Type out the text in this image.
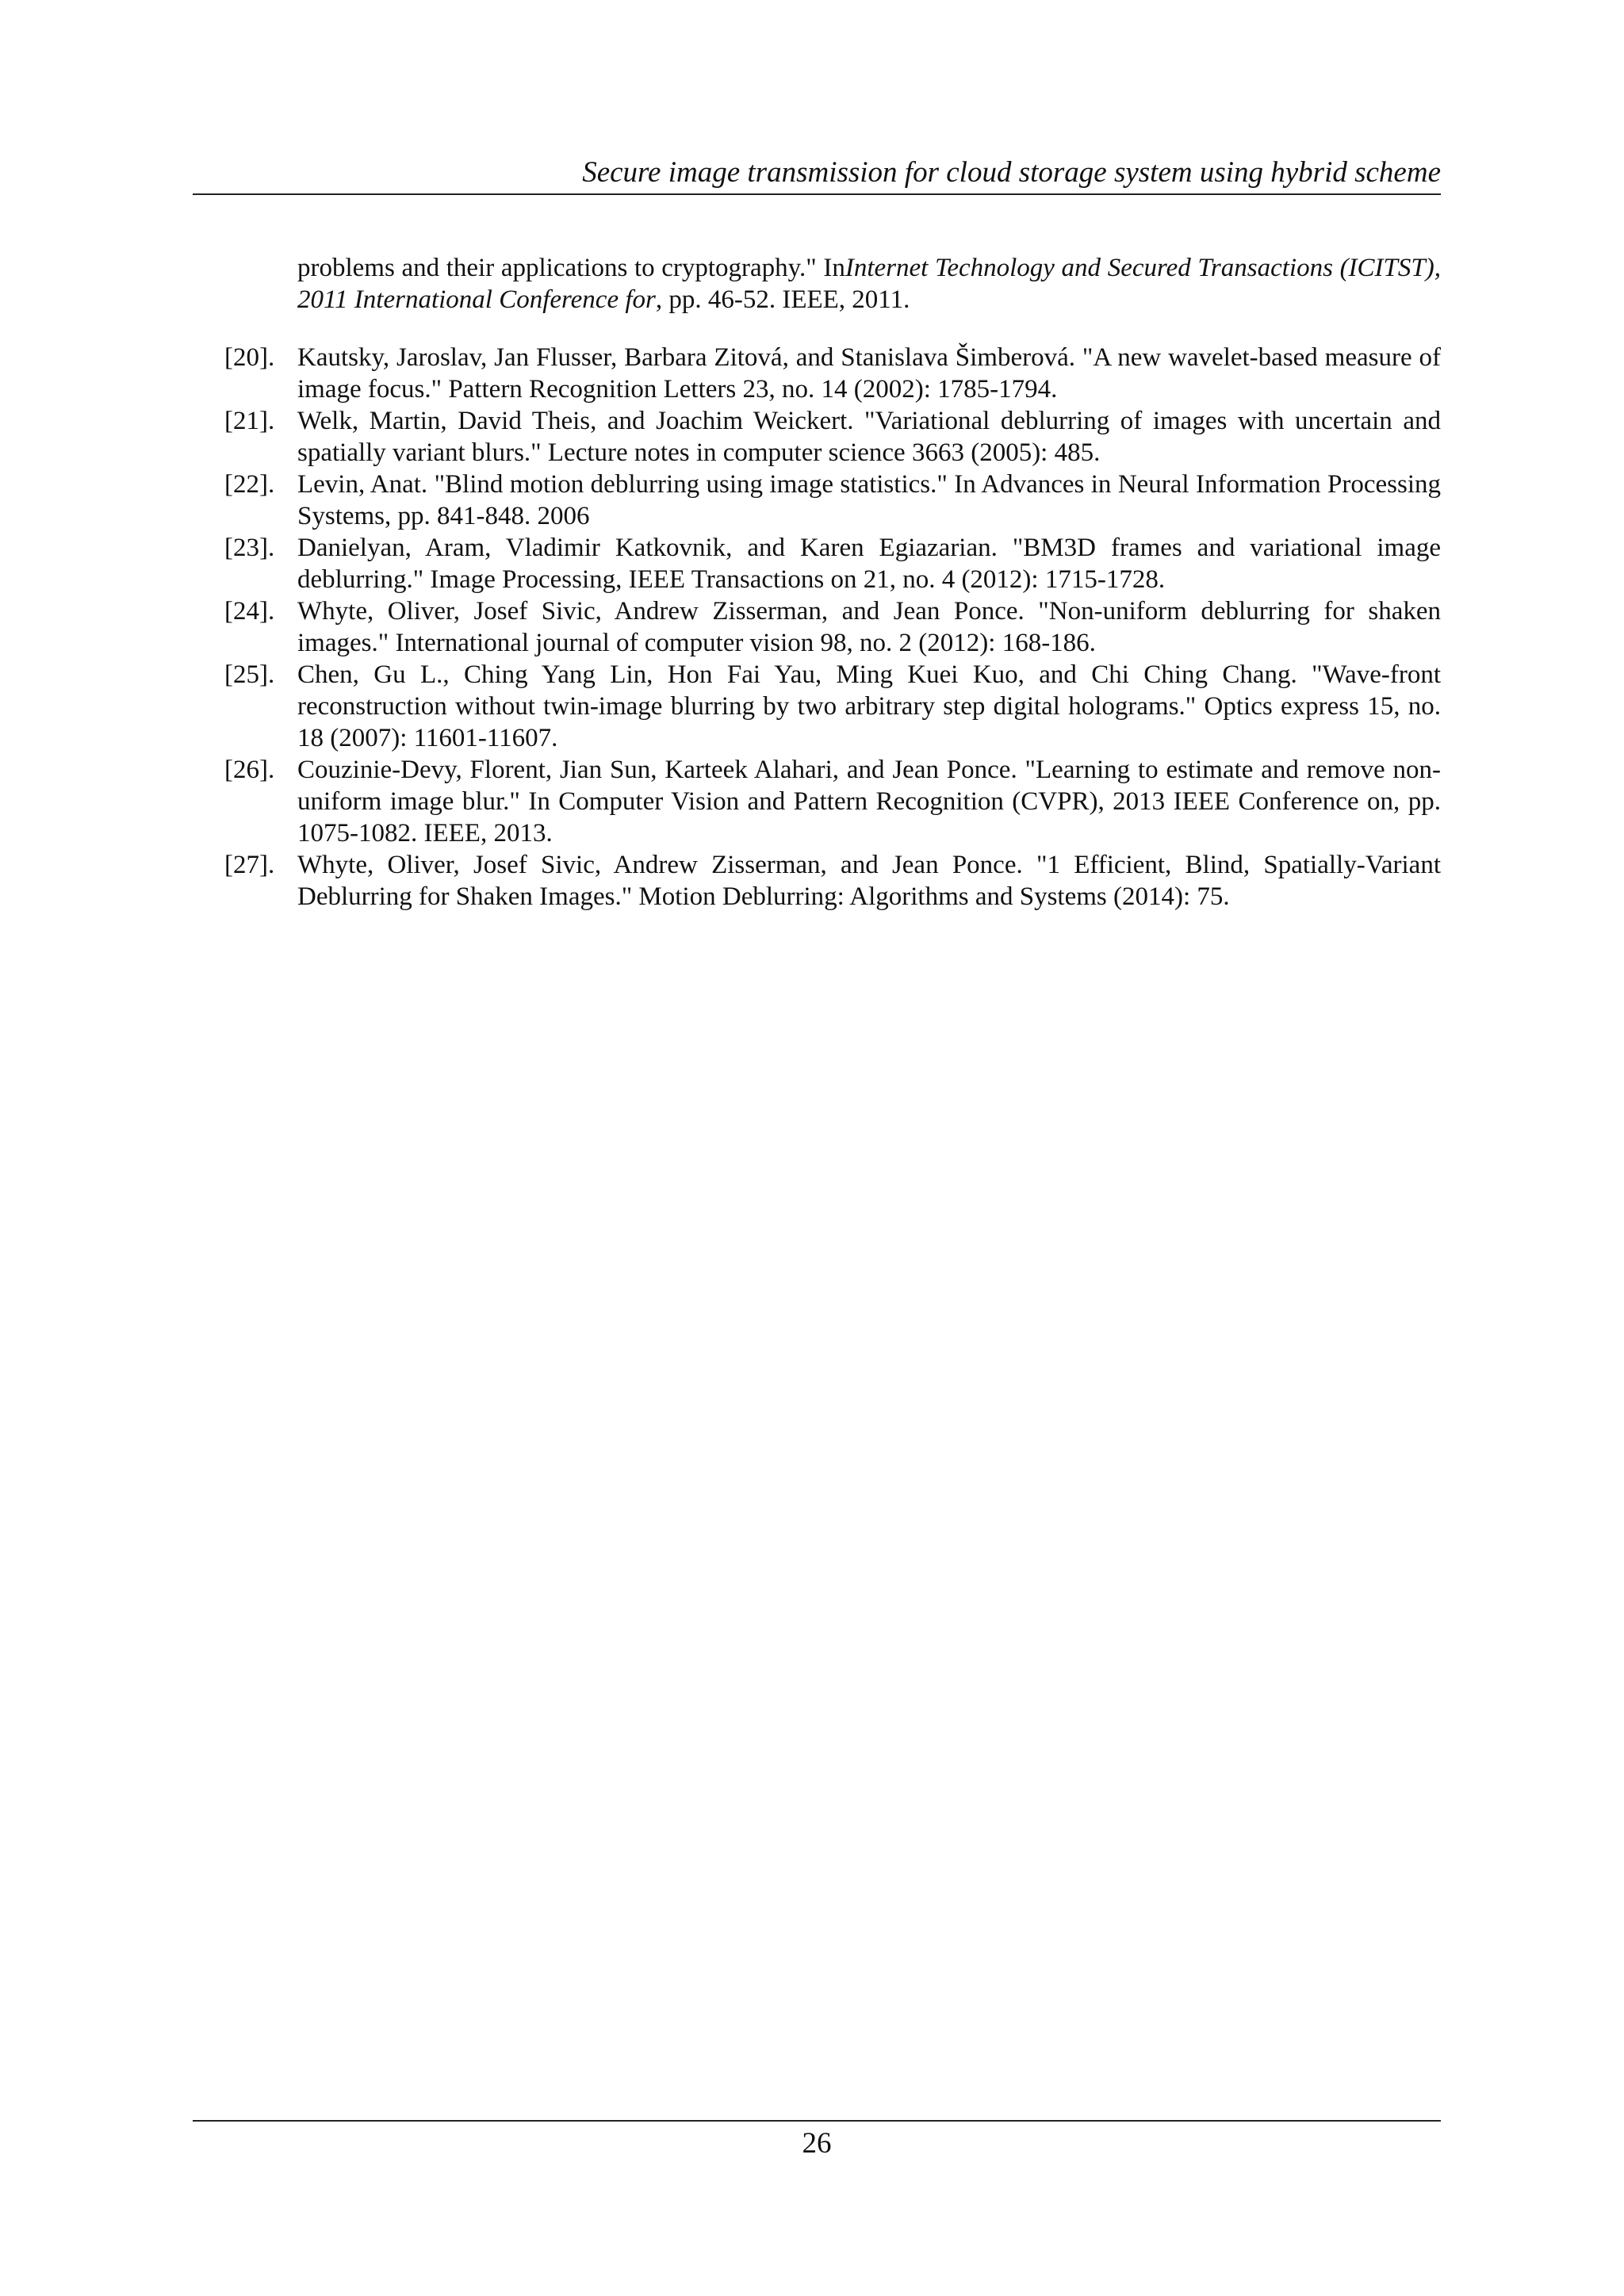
Secure image transmission for cloud storage system using hybrid scheme

problems and their applications to cryptography." InInternet Technology and Secured Transactions (ICITST), 2011 International Conference for, pp. 46-52. IEEE, 2011.

[20]. Kautsky, Jaroslav, Jan Flusser, Barbara Zitová, and Stanislava Šimberová. "A new wavelet-based measure of image focus." Pattern Recognition Letters 23, no. 14 (2002): 1785-1794.
[21]. Welk, Martin, David Theis, and Joachim Weickert. "Variational deblurring of images with uncertain and spatially variant blurs." Lecture notes in computer science 3663 (2005): 485.
[22]. Levin, Anat. "Blind motion deblurring using image statistics." In Advances in Neural Information Processing Systems, pp. 841-848. 2006
[23]. Danielyan, Aram, Vladimir Katkovnik, and Karen Egiazarian. "BM3D frames and variational image deblurring." Image Processing, IEEE Transactions on 21, no. 4 (2012): 1715-1728.
[24]. Whyte, Oliver, Josef Sivic, Andrew Zisserman, and Jean Ponce. "Non-uniform deblurring for shaken images." International journal of computer vision 98, no. 2 (2012): 168-186.
[25]. Chen, Gu L., Ching Yang Lin, Hon Fai Yau, Ming Kuei Kuo, and Chi Ching Chang. "Wave-front reconstruction without twin-image blurring by two arbitrary step digital holograms." Optics express 15, no. 18 (2007): 11601-11607.
[26]. Couzinie-Devy, Florent, Jian Sun, Karteek Alahari, and Jean Ponce. "Learning to estimate and remove non-uniform image blur." In Computer Vision and Pattern Recognition (CVPR), 2013 IEEE Conference on, pp. 1075-1082. IEEE, 2013.
[27]. Whyte, Oliver, Josef Sivic, Andrew Zisserman, and Jean Ponce. "1 Efficient, Blind, Spatially-Variant Deblurring for Shaken Images." Motion Deblurring: Algorithms and Systems (2014): 75.
26
